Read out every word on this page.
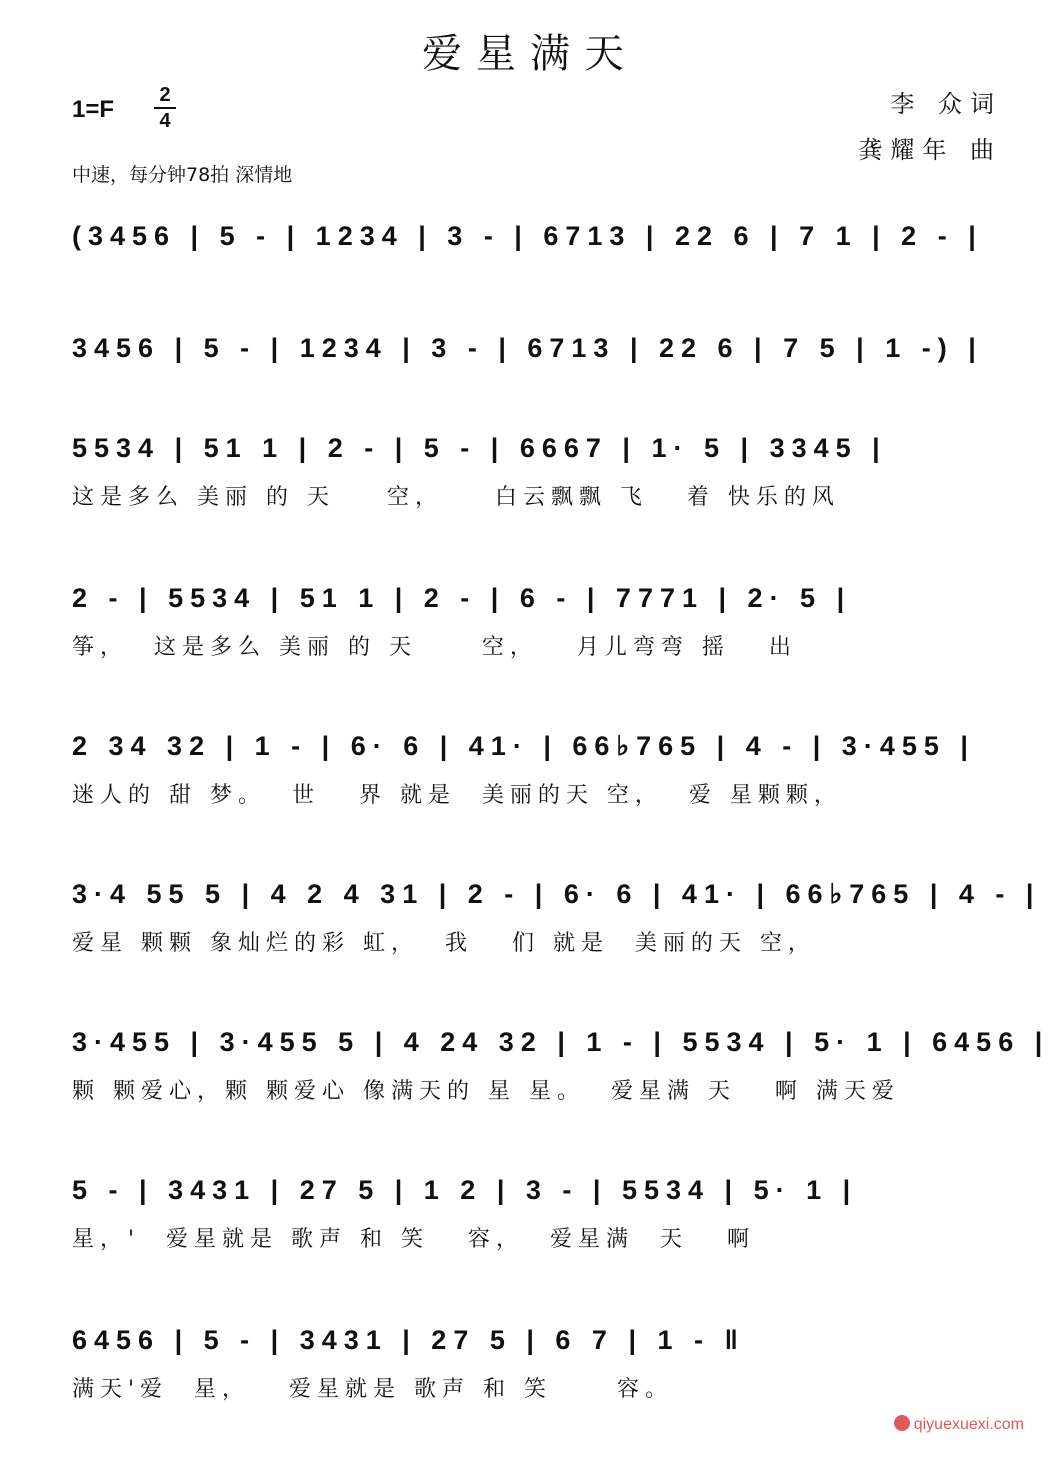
爱星满天
1=F
2
4
中速，每分钟78拍 深情地
李 众词
龚耀年 曲
(3456 | 5 - | 1234 | 3 - | 6713 | 22 6 | 7 1 | 2 - |
3456 | 5 - | 1234 | 3 - | 6713 | 22 6 | 7 5 | 1 -) |
5534 | 51 1 | 2 - | 5 - | 6667 | 1· 5 | 3345 |
这是多么 美丽 的 天    空，    白云飘飘 飞   着 快乐的风
2 - | 5534 | 51 1 | 2 - | 6 - | 7771 | 2· 5 |
筝，  这是多么 美丽 的 天     空，   月儿弯弯 摇   出
2 34 32 | 1 - | 6· 6 | 41· | 66♭765 | 4 - | 3·455 |
迷人的 甜 梦。  世   界 就是  美丽的天 空，  爱 星颗颗，
3·4 55 5 | 4 2 4 31 | 2 - | 6· 6 | 41· | 66♭765 | 4 - |
爱星 颗颗 象灿烂的彩 虹，  我   们 就是  美丽的天 空，
3·455 | 3·455 5 | 4 24 32 | 1 - | 5534 | 5· 1 | 6456 |
颗 颗爱心，颗 颗爱心 像满天的 星 星。  爱星满 天   啊 满天爱
5 - | 3431 | 27 5 | 1 2 | 3 - | 5534 | 5· 1 |
星，'  爱星就是 歌声 和 笑   容，  爱星满  天   啊
6456 | 5 - | 3431 | 27 5 | 6 7 | 1 - ‖
满天'爱  星，   爱星就是 歌声 和 笑     容。
qiyuexuexi.com
